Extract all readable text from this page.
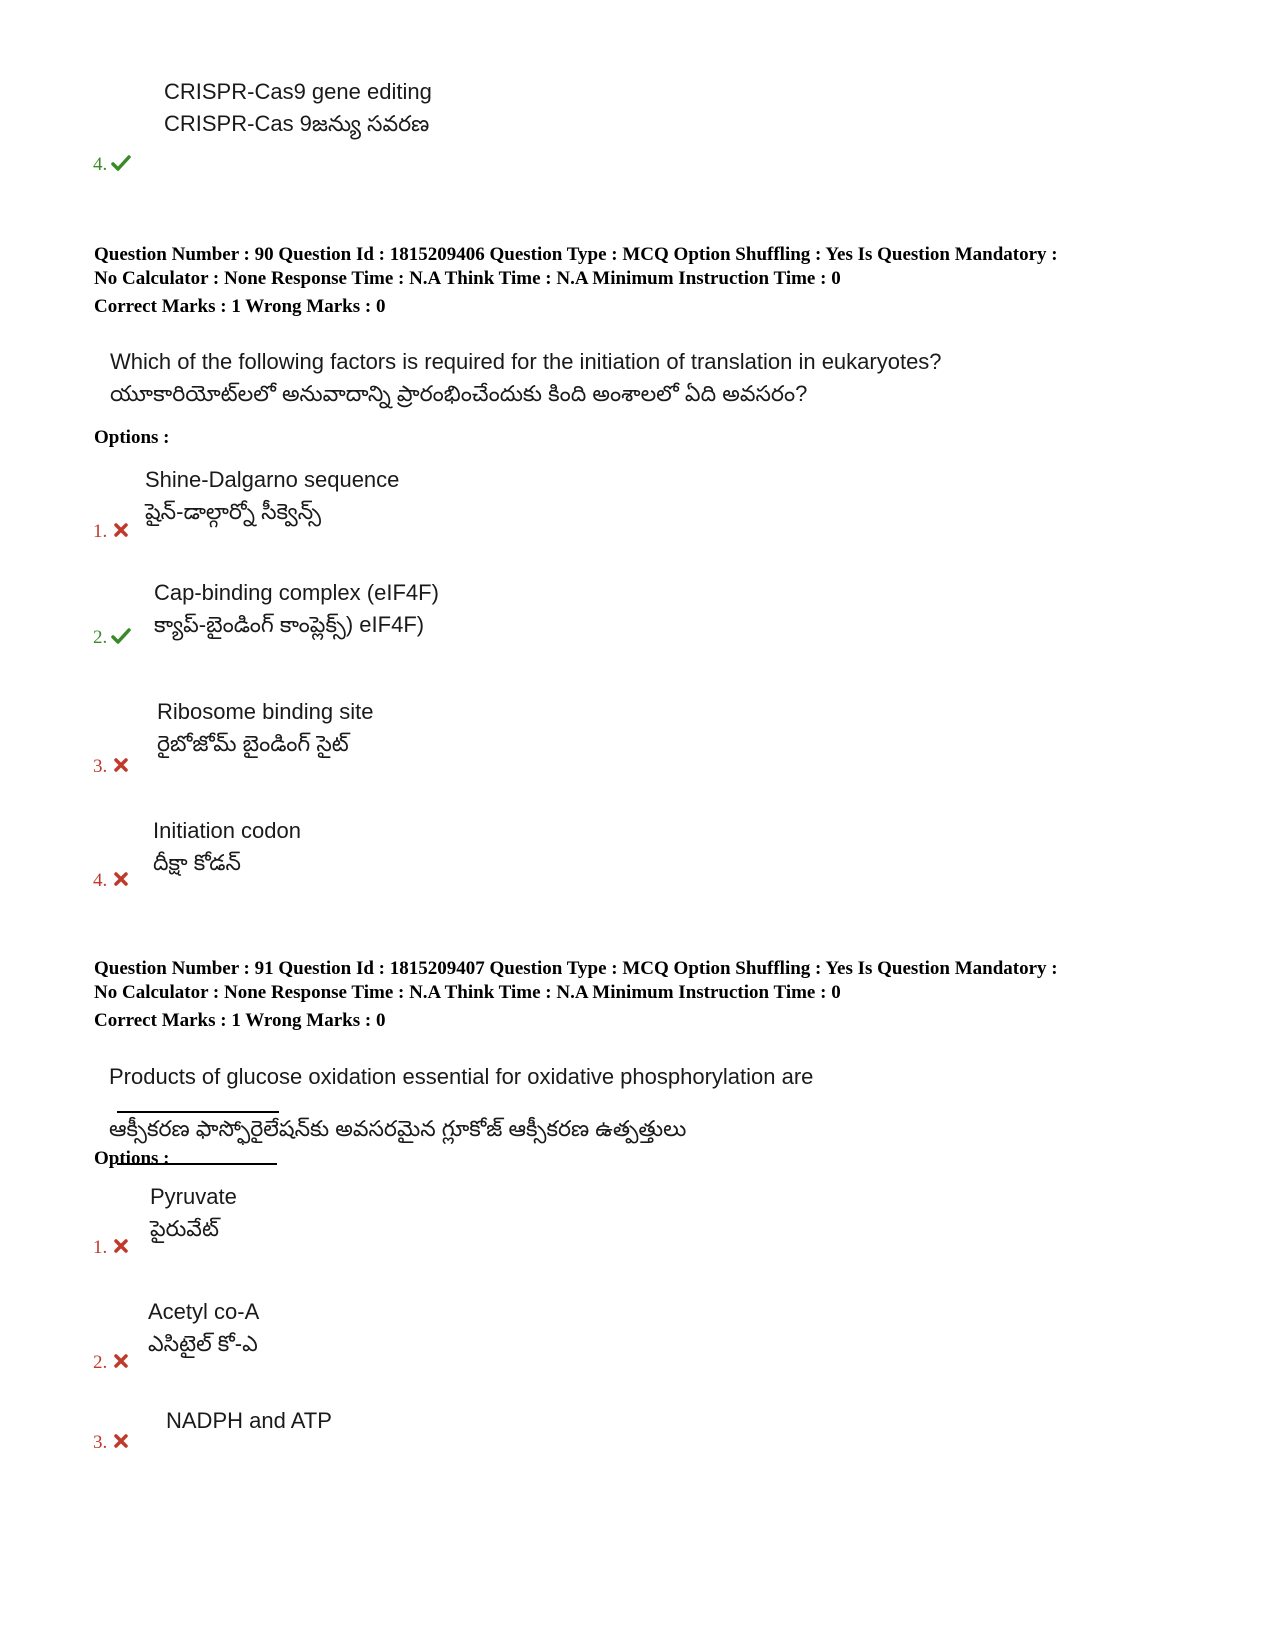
CRISPR-Cas9 gene editing
CRISPR-Cas 9జన్యు సవరణ
4.
Question Number : 90 Question Id : 1815209406 Question Type : MCQ Option Shuffling : Yes Is Question Mandatory :
No Calculator : None Response Time : N.A Think Time : N.A Minimum Instruction Time : 0
Correct Marks : 1 Wrong Marks : 0
Which of the following factors is required for the initiation of translation in eukaryotes?
యూకారియోట్‌లలో అనువాదాన్ని ప్రారంభించేందుకు కింది అంశాలలో ఏది అవసరం?
Options :
Shine-Dalgarno sequence
షైన్-డాల్గార్నో సీక్వెన్స్
1.
Cap-binding complex (eIF4F)
క్యాప్-బైండింగ్ కాంప్లెక్స్) eIF4F)
2.
Ribosome binding site
రైబోజోమ్ బైండింగ్ సైట్
3.
Initiation codon
దీక్షా కోడన్
4.
Question Number : 91 Question Id : 1815209407 Question Type : MCQ Option Shuffling : Yes Is Question Mandatory :
No Calculator : None Response Time : N.A Think Time : N.A Minimum Instruction Time : 0
Correct Marks : 1 Wrong Marks : 0
Products of glucose oxidation essential for oxidative phosphorylation are
ఆక్సీకరణ ఫాస్ఫోరైలేషన్‌కు అవసరమైన గ్లూకోజ్ ఆక్సీకరణ ఉత్పత్తులు
Options :
Pyruvate
పైరువేట్
1.
Acetyl co-A
ఎసిటైల్ కో-ఎ
2.
NADPH and ATP
3.
